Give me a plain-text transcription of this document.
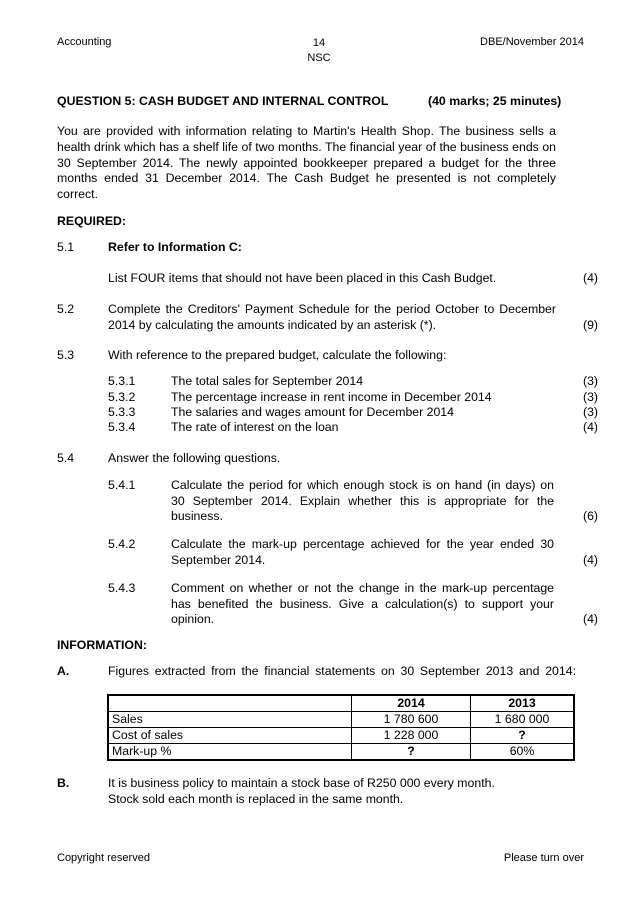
Accounting	14
NSC
DBE/November 2014
QUESTION 5: CASH BUDGET AND INTERNAL CONTROL	(40 marks; 25 minutes)
You are provided with information relating to Martin's Health Shop. The business sells a health drink which has a shelf life of two months. The financial year of the business ends on 30 September 2014. The newly appointed bookkeeper prepared a budget for the three months ended 31 December 2014. The Cash Budget he presented is not completely correct.
REQUIRED:
5.1	Refer to Information C:
List FOUR items that should not have been placed in this Cash Budget.	(4)
5.2	Complete the Creditors' Payment Schedule for the period October to December 2014 by calculating the amounts indicated by an asterisk (*).	(9)
5.3	With reference to the prepared budget, calculate the following:
5.3.1	The total sales for September 2014	(3)
5.3.2	The percentage increase in rent income in December 2014	(3)
5.3.3	The salaries and wages amount for December 2014	(3)
5.3.4	The rate of interest on the loan	(4)
5.4	Answer the following questions.
5.4.1	Calculate the period for which enough stock is on hand (in days) on 30 September 2014. Explain whether this is appropriate for the business.	(6)
5.4.2	Calculate the mark-up percentage achieved for the year ended 30 September 2014.	(4)
5.4.3	Comment on whether or not the change in the mark-up percentage has benefited the business. Give a calculation(s) to support your opinion.	(4)
INFORMATION:
A.	Figures extracted from the financial statements on 30 September 2013 and 2014:
	2014	2013
Sales	1 780 600	1 680 000
Cost of sales	1 228 000	?
Mark-up %	?	60%
B.	It is business policy to maintain a stock base of R250 000 every month.
Stock sold each month is replaced in the same month.
Copyright reserved	Please turn over
